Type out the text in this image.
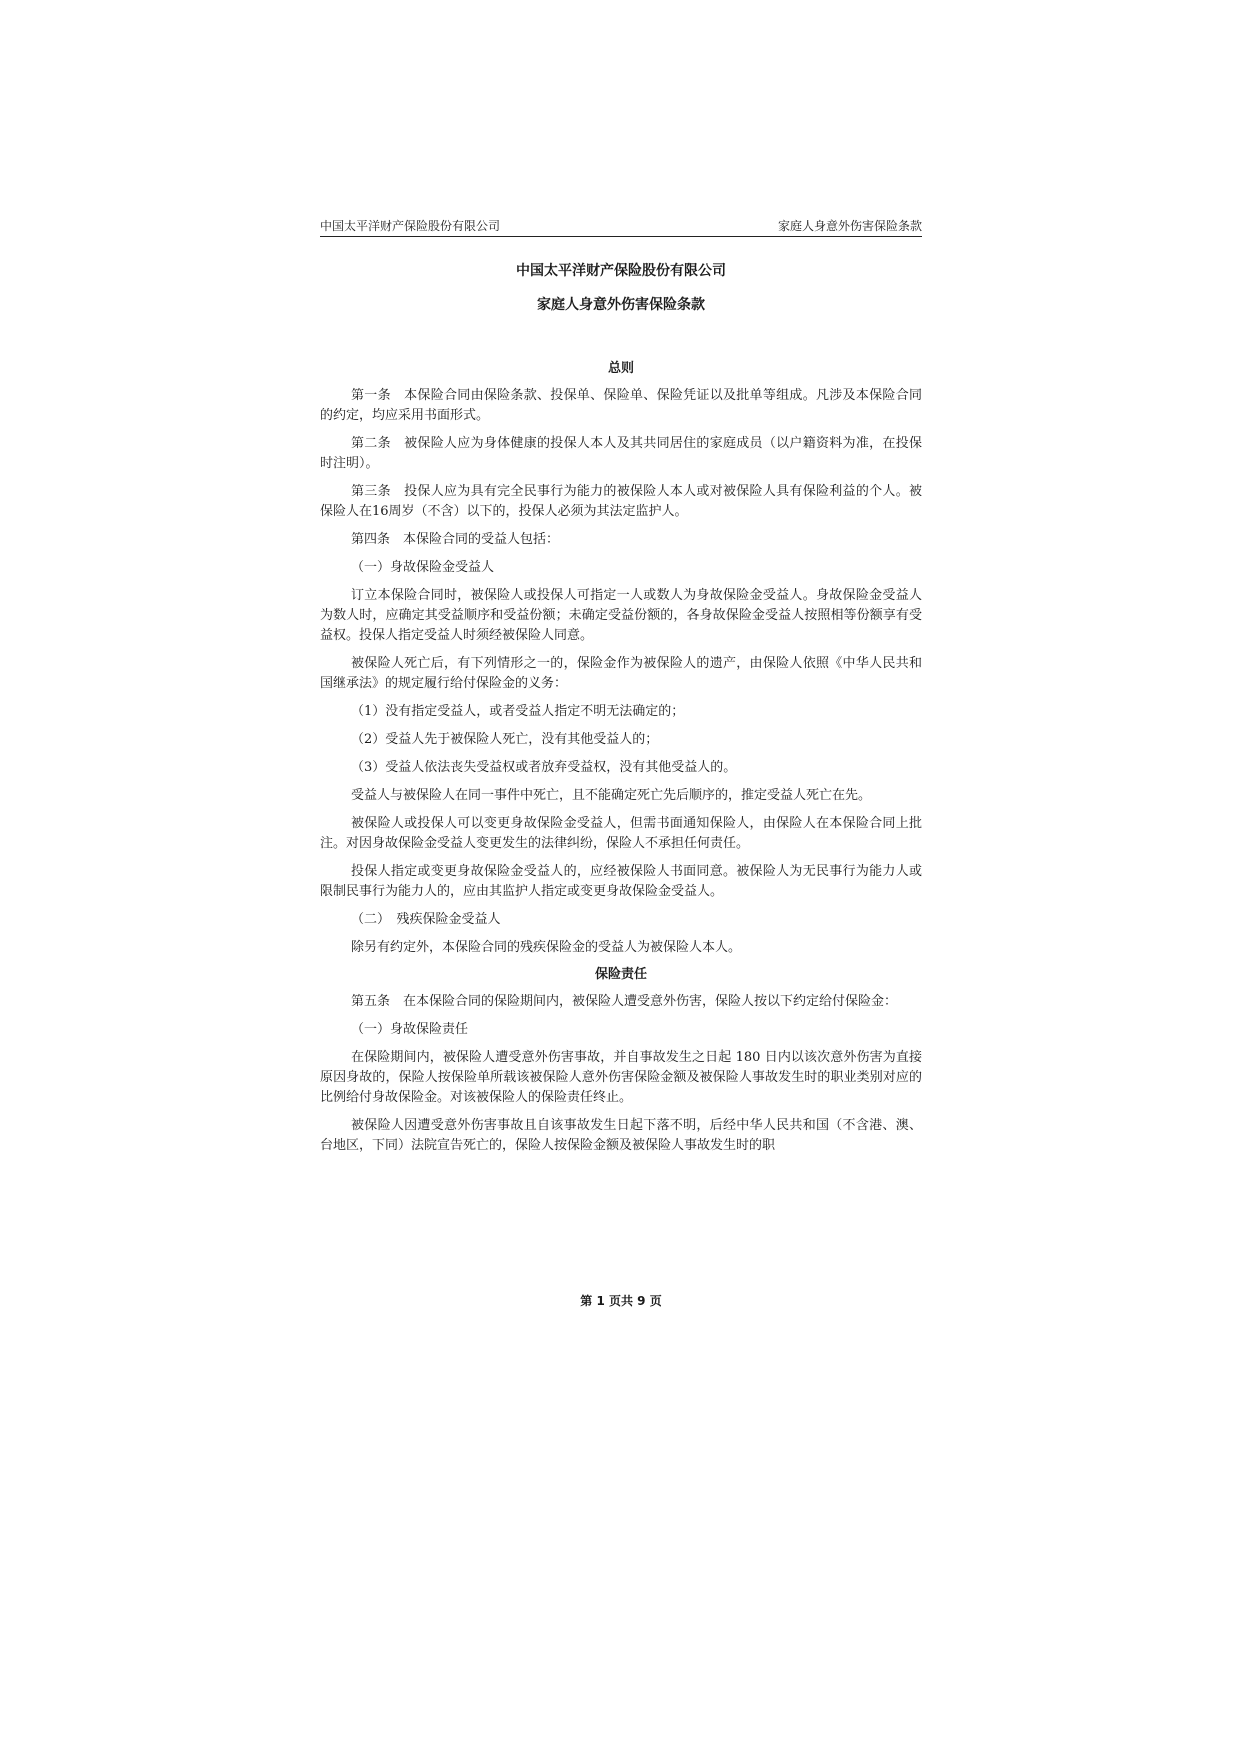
中国太平洋财产保险股份有限公司	家庭人身意外伤害保险条款
中国太平洋财产保险股份有限公司
家庭人身意外伤害保险条款
总则

第一条　本保险合同由保险条款、投保单、保险单、保险凭证以及批单等组成。凡涉及本保险合同的约定，均应采用书面形式。

第二条　被保险人应为身体健康的投保人本人及其共同居住的家庭成员（以户籍资料为准，在投保时注明）。

第三条　投保人应为具有完全民事行为能力的被保险人本人或对被保险人具有保险利益的个人。被保险人在16周岁（不含）以下的，投保人必须为其法定监护人。

第四条　本保险合同的受益人包括：

（一）身故保险金受益人

订立本保险合同时，被保险人或投保人可指定一人或数人为身故保险金受益人。身故保险金受益人为数人时，应确定其受益顺序和受益份额；未确定受益份额的，各身故保险金受益人按照相等份额享有受益权。投保人指定受益人时须经被保险人同意。

被保险人死亡后，有下列情形之一的，保险金作为被保险人的遗产，由保险人依照《中华人民共和国继承法》的规定履行给付保险金的义务：

（1）没有指定受益人，或者受益人指定不明无法确定的；

（2）受益人先于被保险人死亡，没有其他受益人的；

（3）受益人依法丧失受益权或者放弃受益权，没有其他受益人的。

受益人与被保险人在同一事件中死亡，且不能确定死亡先后顺序的，推定受益人死亡在先。

被保险人或投保人可以变更身故保险金受益人，但需书面通知保险人，由保险人在本保险合同上批注。对因身故保险金受益人变更发生的法律纠纷，保险人不承担任何责任。

投保人指定或变更身故保险金受益人的，应经被保险人书面同意。被保险人为无民事行为能力人或限制民事行为能力人的，应由其监护人指定或变更身故保险金受益人。

（二）　残疾保险金受益人

除另有约定外，本保险合同的残疾保险金的受益人为被保险人本人。

保险责任

第五条　在本保险合同的保险期间内，被保险人遭受意外伤害，保险人按以下约定给付保险金：

（一）身故保险责任

在保险期间内，被保险人遭受意外伤害事故，并自事故发生之日起 180 日内以该次意外伤害为直接原因身故的，保险人按保险单所载该被保险人意外伤害保险金额及被保险人事故发生时的职业类别对应的比例给付身故保险金。对该被保险人的保险责任终止。

被保险人因遭受意外伤害事故且自该事故发生日起下落不明，后经中华人民共和国（不含港、澳、台地区，下同）法院宣告死亡的，保险人按保险金额及被保险人事故发生时的职

第 1 页共 9 页
